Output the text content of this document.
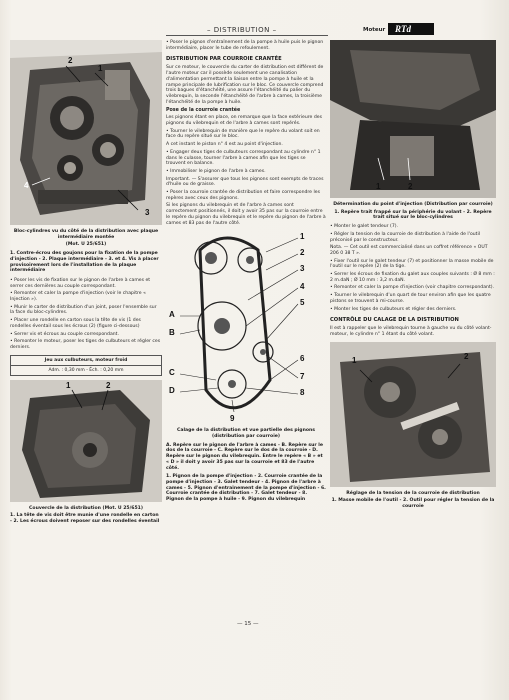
– DISTRIBUTION –	Moteur RTd
2
1
4
3

Bloc-cylindres vu du côté de la distribution avec plaque intermédiaire montée

(Mot. U 25/651)

1. Contre-écrou des goujons pour la fixation de la pompe d'injection - 2. Plaque intermédiaire - 3. et 4. Vis à placer provisoirement lors de l'installation de la plaque intermédiaire

• Poser les vis de fixation sur le pignon de l'arbre à cames et serrer ces dernières au couple correspondant.

• Remonter et caler la pompe d'injection (voir le chapitre « Injection »).

• Munir le carter de distribution d'un joint, poser l'ensemble sur la face du bloc-cylindres.

• Placer une rondelle en carton sous la tête de vis (1 des rondelles éventail sous les écrous (2) (figure ci-dessous)

• Serrer vis et écrous au couple correspondant.

• Remonter le moteur, poser les tiges de culbuteurs et régler ces derniers.

Jeu aux culbuteurs, moteur froid
Adm. : 0,30 mm - Éch. : 0,20 mm
1	2

Couvercle de la distribution (Mot. U 25/651)

1. La tête de vis doit être munie d'une rondelle en carton - 2. Les écrous doivent reposer sur des rondelles éventail

• Poser le pignon d'entraînement de la pompe à huile puis le pignon intermédiaire, placer le tube de refoulement.

DISTRIBUTION PAR COURROIE CRANTÉE

Sur ce moteur, le couvercle du carter de distribution est différent de l'autre moteur car il possède seulement une canalisation d'alimentation permettant la liaison entre la pompe à huile et la rampe principale de lubrification sur le bloc. Ce couvercle comprend trois bagues d'étanchéité, une assure l'étanchéité du palier du vilebrequin, la seconde l'étanchéité de l'arbre à cames, la troisième l'étanchéité de la pompe à huile.

Pose de la courroie crantée

Les pignons étant en place, on remarque que la face extérieure des pignons du vilebrequin et de l'arbre à cames sont repérés.

• Tourner le vilebrequin de manière que le repère du volant soit en face du repère situé sur le bloc.

A cet instant le piston n° 4 est au point d'injection.

• Engager deux tiges de culbuteurs correspondant au cylindre n° 1 dans le culasse, tourner l'arbre à cames afin que les tiges se trouvent en balance.

• Immobiliser le pignon de l'arbre à cames.

Important. — S'assurer que tous les pignons sont exempts de traces d'huile ou de graisse.

• Poser la courroie crantée de distribution et faire correspondre les repères avec ceux des pignons.

Si les pignons du vilebrequin et de l'arbre à cames sont correctement positionnés, il doit y avoir 35 pas sur la courroie entre le repère du pignon du vilebrequin et le repère du pignon de l'arbre à cames et 83 pas de l'autre côté.

1
2
3
4
5
6
7
8
9
A
B
C
D

Calage de la distribution et vue partielle des pignons (distribution par courroie)

A. Repère sur le pignon de l'arbre à cames - B. Repère sur le dos de la courroie - C. Repère sur le dos de la courroie - D. Repère sur le pignon du vilebrequin. Entre le repère « B » et « D » il doit y avoir 35 pas sur la courroie et 83 de l'autre côté.

1. Pignon de la pompe d'injection - 2. Courroie crantée de la pompe d'injection - 3. Galet tendeur - 4. Pignon de l'arbre à cames - 5. Pignon d'entraînement de la pompe d'injection - 6. Courroie crantée de distribution - 7. Galet tendeur - 8. Pignon de la pompe à huile - 9. Pignon du vilebrequin

1	2

Détermination du point d'injection (Distribution par courroie)

1. Repère trait frappé sur la périphérie du volant - 2. Repère trait situé sur le bloc-cylindres

• Monter le galet tendeur (7).

• Régler la tension de la courroie de distribution à l'aide de l'outil préconisé par le constructeur.

Nota. — Cet outil est commercialisé dans un coffret référence « OUT 206 0 38 T ».

• Fixer l'outil sur le galet tendeur (7) et positionner la masse mobile de l'outil sur le repère (2) de la tige.

• Serrer les écrous de fixation du galet aux couples suivants : Ø 8 mm : 2 m.daN ; Ø 10 mm : 3,2 m.daN.

• Remonter et caler la pompe d'injection (voir chapitre correspondant).

• Tourner le vilebrequin d'un quart de tour environ afin que les quatre pistons se trouvent à mi-course.

• Monter les tiges de culbuteurs et régler des derniers.

CONTRÔLE DU CALAGE DE LA DISTRIBUTION

Il est à rappeler que le vilebrequin tourne à gauche vu du côté volant-moteur, le cylindre n° 1 étant du côté volant.

1	2

Réglage de la tension de la courroie de distribution

1. Masse mobile de l'outil - 2. Outil pour régler la tension de la courroie

— 15 —
